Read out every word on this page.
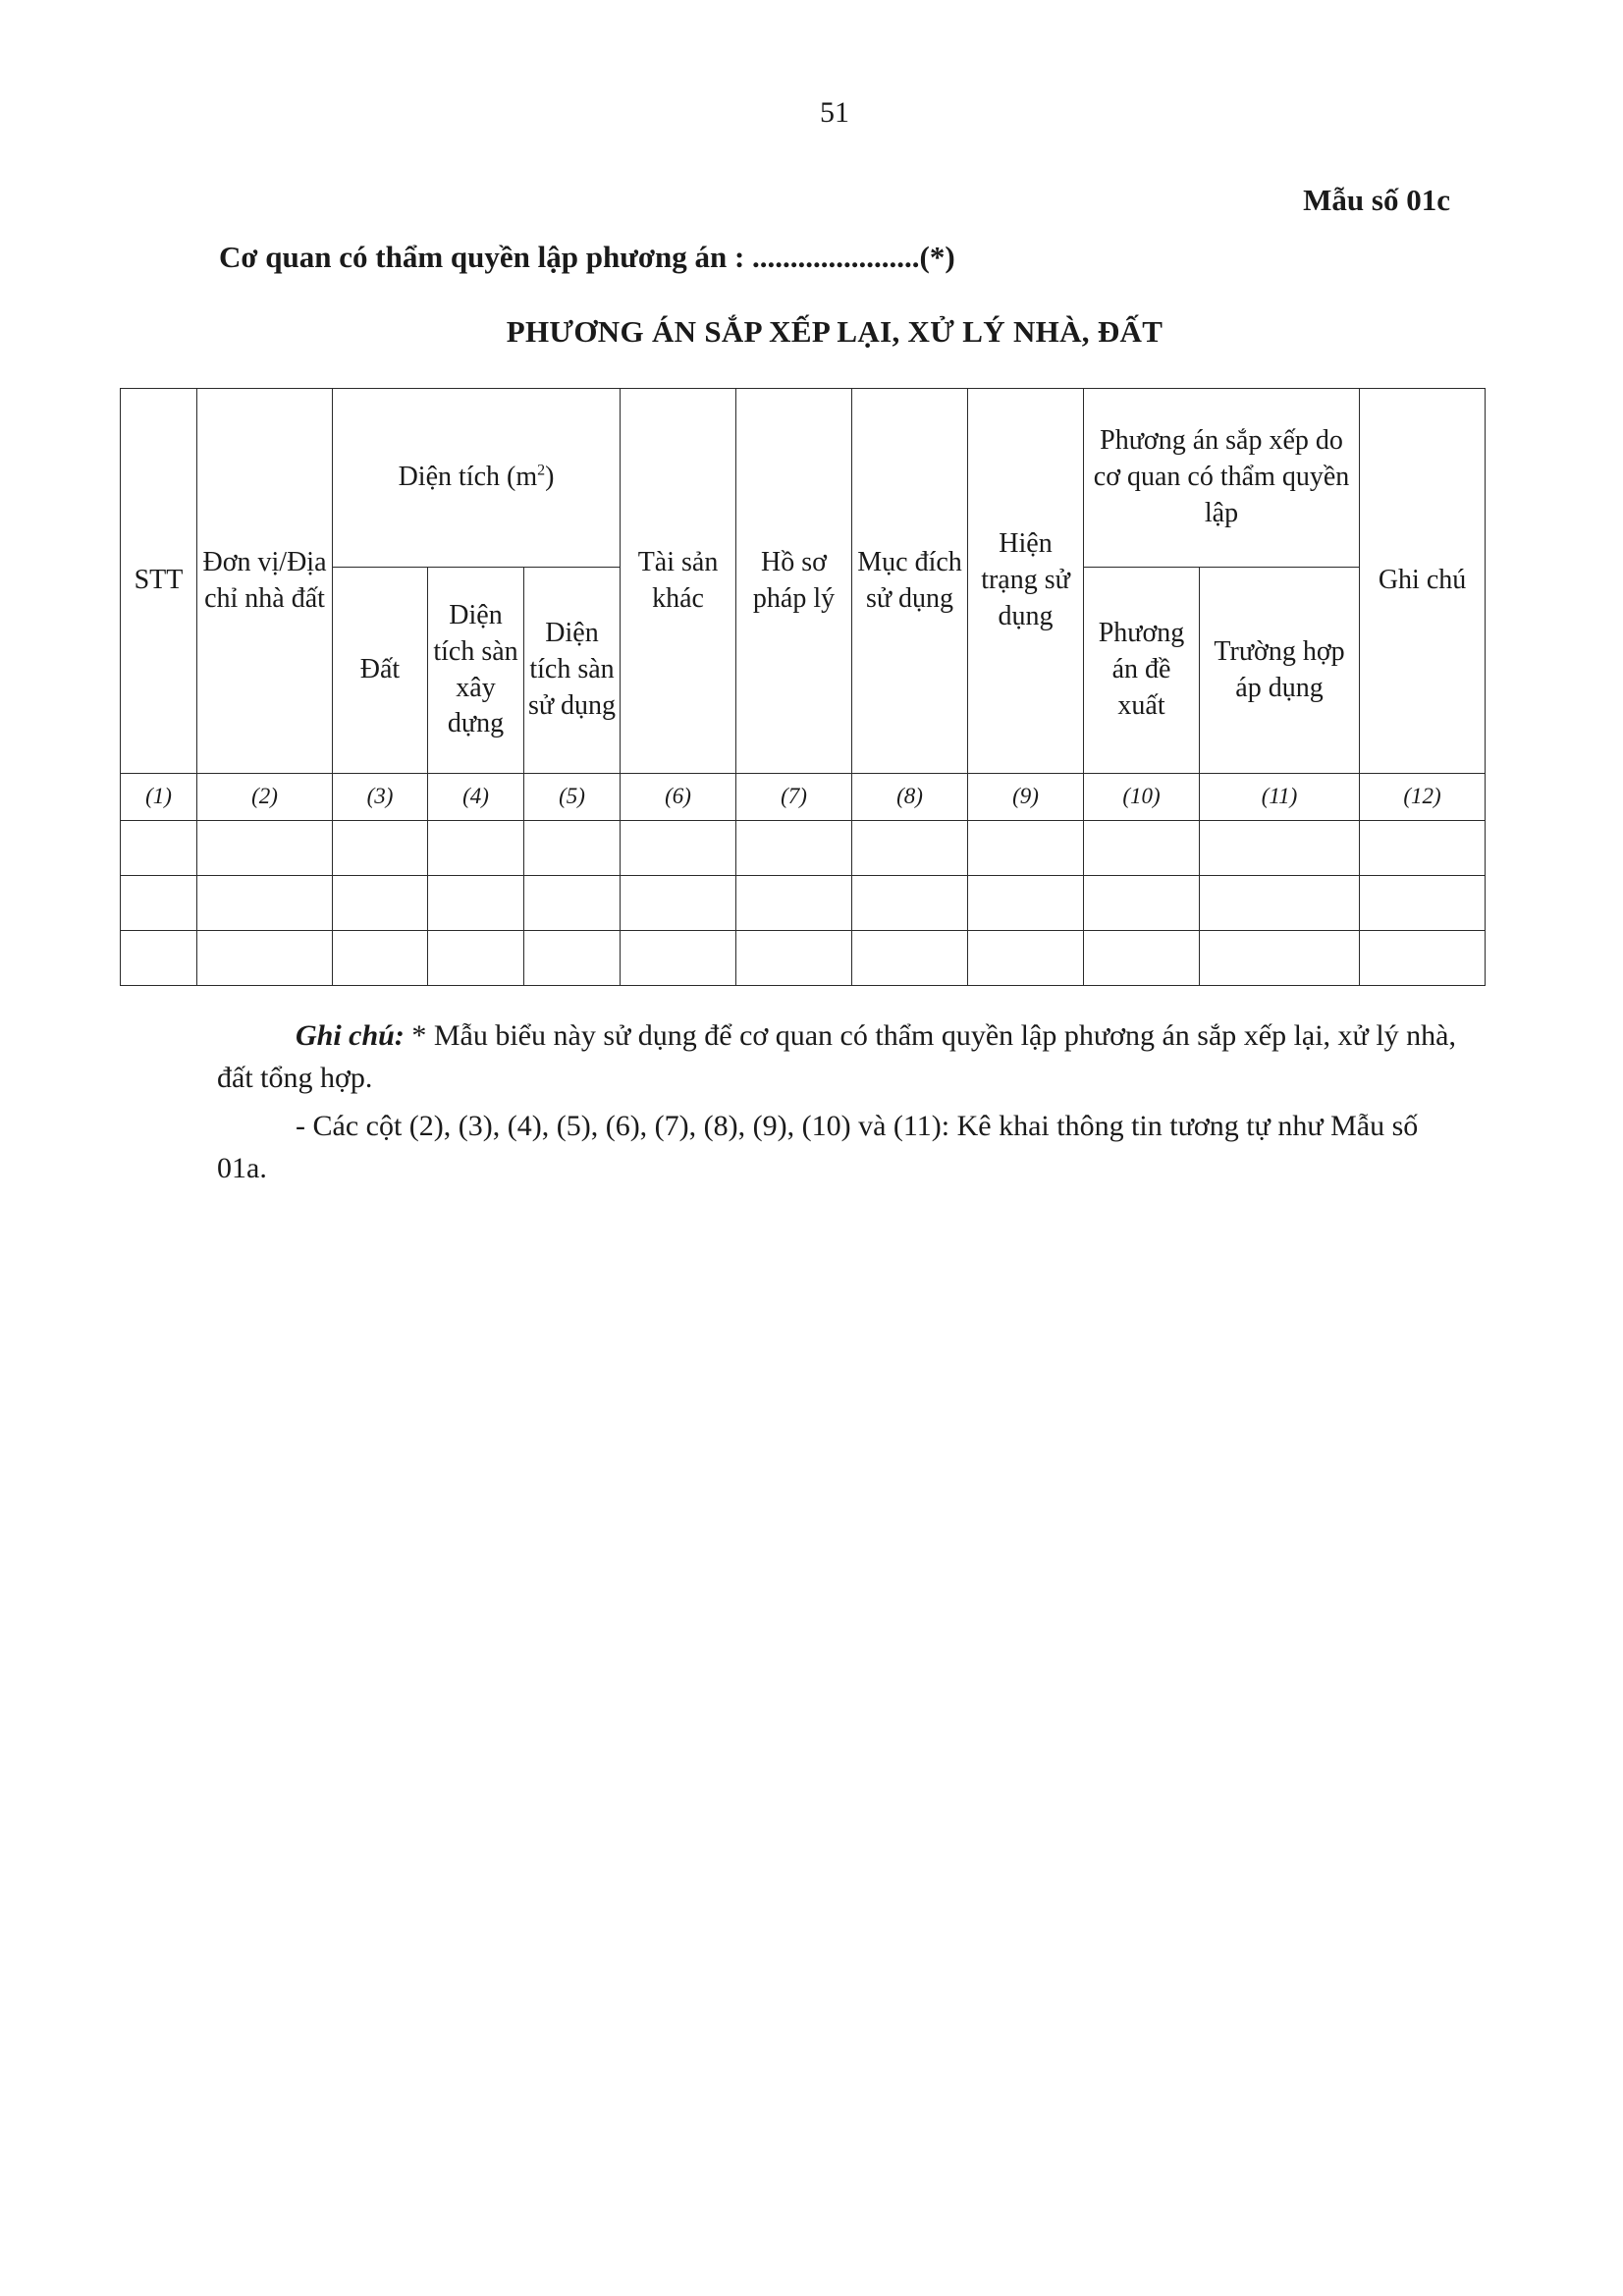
51
Mẫu số 01c
Cơ quan có thẩm quyền lập phương án : ......................(*)
PHƯƠNG ÁN SẮP XẾP LẠI, XỬ LÝ NHÀ, ĐẤT
STT	Đơn vị/Địa chỉ nhà đất	Diện tích $(m^2)$			Tài sản khác	Hồ sơ pháp lý	Mục đích sử dụng	Hiện trạng sử dụng	Phương án sắp xếp do cơ quan có thẩm quyền lập		Ghi chú
		Đất	Diện tích sàn xây dựng	Diện tích sàn sử dụng					Phương án đề xuất	Trường hợp áp dụng	
(1)	(2)	(3)	(4)	(5)	(6)	(7)	(8)	(9)	(10)	(11)	(12)

Ghi chú: * Mẫu biểu này sử dụng để cơ quan có thẩm quyền lập phương án sắp xếp lại, xử lý nhà, đất tổng hợp.

- Các cột (2), (3), (4), (5), (6), (7), (8), (9), (10) và (11): Kê khai thông tin tương tự như Mẫu số 01a.
